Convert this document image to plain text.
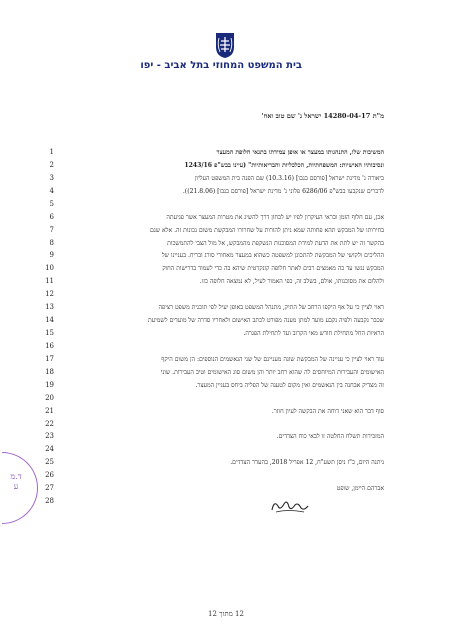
בית המשפט המחוזי בתל אביב - יפו
מ"ת 14280-04-17 ישראל נ' שם טוב ואח'
1	המשיבות שלו, התנהגותו במעצר או אופן עמידתו בתנאי חלופת המעצר
2	ונסיבותיו האישיות: המשפחתיות, הכלכליות והבריאותיות" (עיינו בבש"פ 1243/16
3	ביאורה נ' מדינת ישראל [פורסם בנבו] (10.3.16) שם הפנה בית המשפט העליון
4	לדברים שנקבעו בבש"פ 6286/06 פלוני נ' מדינת ישראל [פורסם בנבו] (21.8.06)).
5
6	אכן, עם חלוף הזמן ובראי העיקרון לפיו יש לבחון דרך להשיג את מטרות המעצר אשר פגיעתה
7	בחירותו של המבקש תהא פחותה שמא ניתן להורות על שחרורו המבקשת משום נכונות זה. אלא שגם
8	בהקשר זה יש לתת את הדעת למידת המסוכנות הנשקפת מהמבקש, אל מול הצבי להתמשכות
9	ההליכים ולקושי של המבקשת להתכונן למשפטה כשהוא במעצר מאחורי סורג ובריח. בעניינו של
10	המבקש נגשו עד כה מאמצים רבים לאתר חלופה קונקרטית שיהא בה כדי לעמוד בדרישות החוק
11	ולהלום את מסוכנותו, אולם, בשלב זה, כפי האמור לעיל, לא נמצאה חלופה כזו.
12
13	ראוי לציין כי על אף היקפו הרחב של התיק, מתנהל המשפט באופן יעיל לפי תוכנית משפט רציפה
14	שכבר נקבעה ולפיה נקבע מועד למתן מענה מפורט לכתב האישום ולאחריו סדרה של מועדים לשמיעת
15	הראיות החל מתחילת חודש מאי הקרוב ועד לתחילת הפגרה.
16
17	עוד ראוי לציין כי עניינה של המבקשת שונה מעניינם של שני הנאשמים הנוספים: הן משום היקף
18	האישומים והעבירות המיוחסים לה שהוא רחב יותר והן משום סוג האישומים וטיב העבירות. שוני
19	זה מצדיק אבחנה בין הנאשמים ואין מקום לטענה של הפליה ביחס בעניין המעצר.
20
21	סוף דבר הוא שאני דוחה את הבקשה לעיון חוזר.
22
23	המזכירות תשלח החלטה זו לבאי כוח הצדדים.
24
25	ניתנה היום, כ"ז ניסן תשע"ח, 12 אפריל 2018, בהעדר הצדדים.
26
27	אברהם היימן, שופט
28
ד.מ ע
12 מתוך 12
